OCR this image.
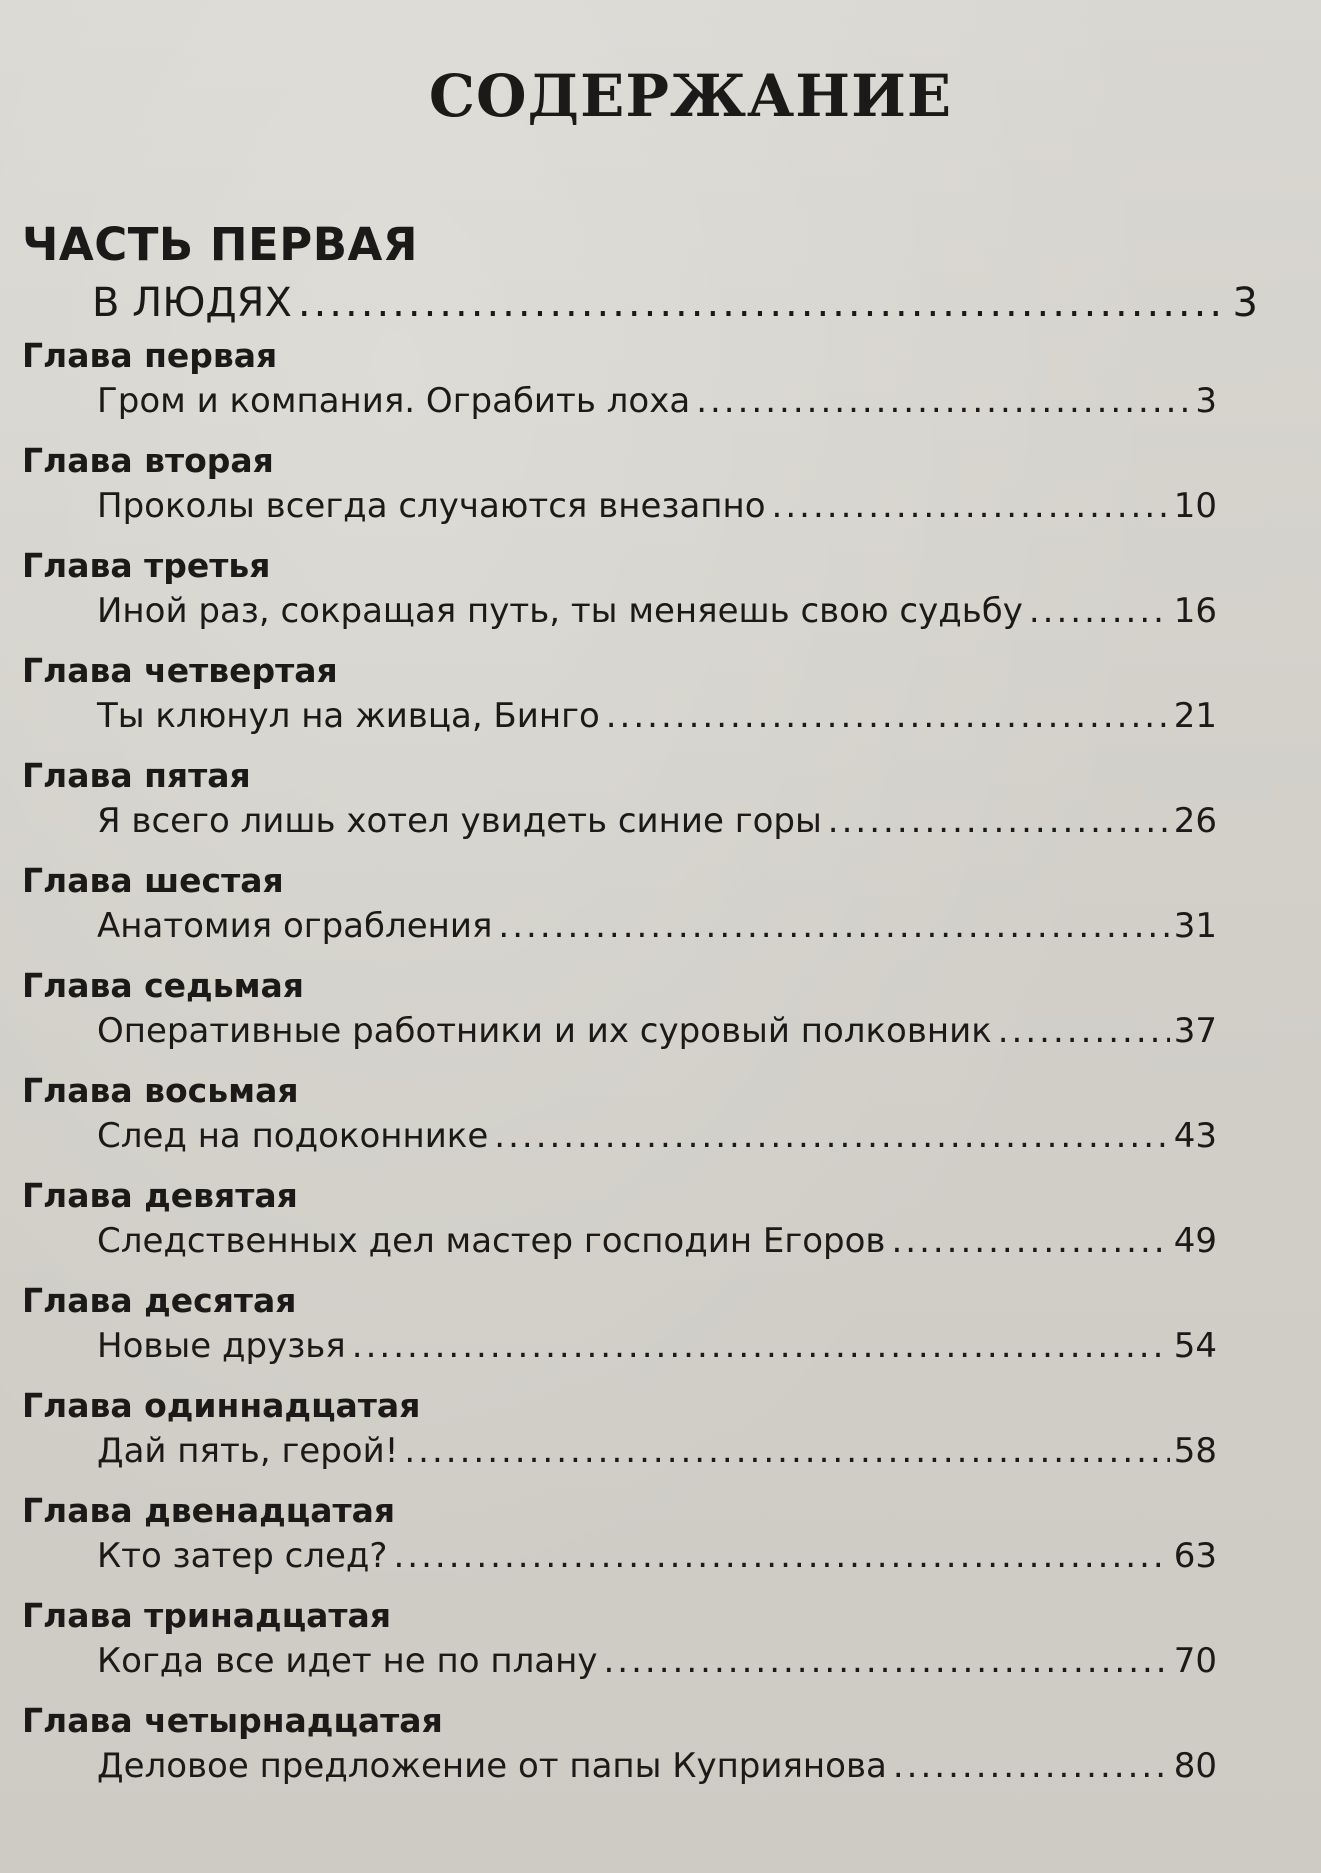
СОДЕРЖАНИЕ
ЧАСТЬ ПЕРВАЯ
В ЛЮДЯХ .....	3
Глава первая
Гром и компания. Ограбить лоха .....	3
Глава вторая
Проколы всегда случаются внезапно .....	10
Глава третья
Иной раз, сокращая путь, ты меняешь свою судьбу .....	16
Глава четвертая
Ты клюнул на живца, Бинго .....	21
Глава пятая
Я всего лишь хотел увидеть синие горы .....	26
Глава шестая
Анатомия ограбления .....	31
Глава седьмая
Оперативные работники и их суровый полковник .....	37
Глава восьмая
След на подоконнике .....	43
Глава девятая
Следственных дел мастер господин Егоров .....	49
Глава десятая
Новые друзья .....	54
Глава одиннадцатая
Дай пять, герой! .....	58
Глава двенадцатая
Кто затер след? .....	63
Глава тринадцатая
Когда все идет не по плану .....	70
Глава четырнадцатая
Деловое предложение от папы Куприянова .....	80
